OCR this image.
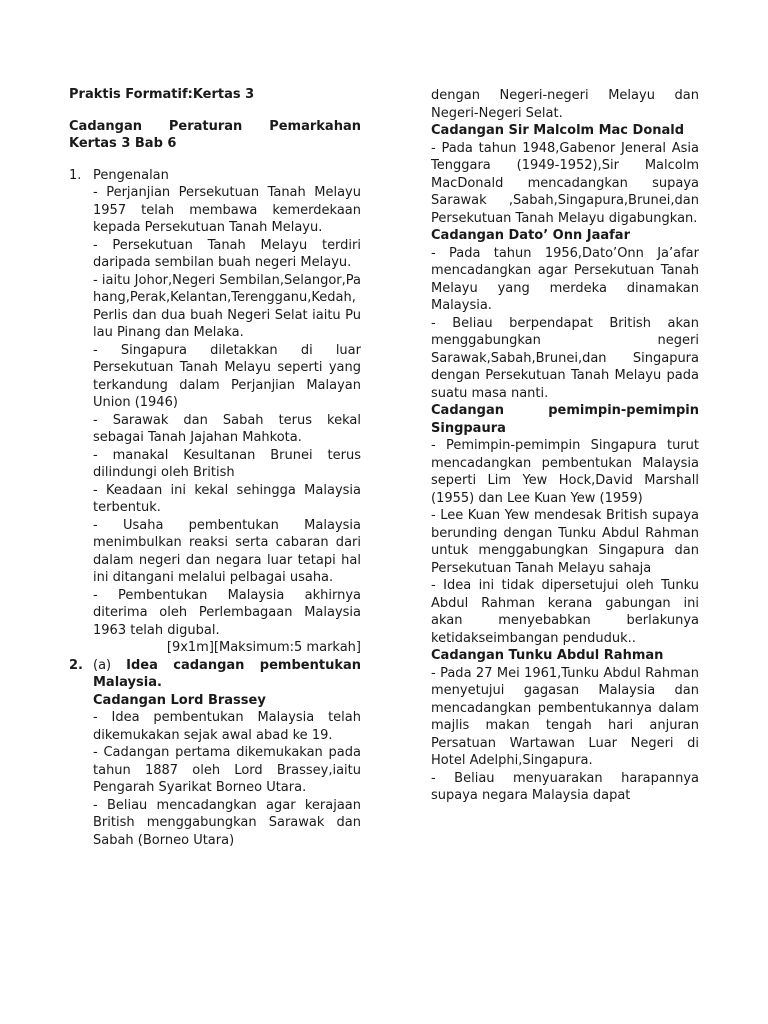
Praktis Formatif:Kertas 3
Cadangan Peraturan Pemarkahan Kertas 3 Bab 6
1. Pengenalan
- Perjanjian Persekutuan Tanah Melayu 1957 telah membawa kemerdekaan kepada Persekutuan Tanah Melayu.
- Persekutuan Tanah Melayu terdiri daripada sembilan buah negeri Melayu.
- iaitu Johor,Negeri Sembilan,Selangor,Pahang,Perak,Kelantan,Terengganu,Kedah,Perlis dan dua buah Negeri Selat iaitu Pulau Pinang dan Melaka.
- Singapura diletakkan di luar Persekutuan Tanah Melayu seperti yang terkandung dalam Perjanjian Malayan Union (1946)
- Sarawak dan Sabah terus kekal sebagai Tanah Jajahan Mahkota.
- manakal Kesultanan Brunei terus dilindungi oleh British
- Keadaan ini kekal sehingga Malaysia terbentuk.
- Usaha pembentukan Malaysia menimbulkan reaksi serta cabaran dari dalam negeri dan negara luar tetapi hal ini ditangani melalui pelbagai usaha.
- Pembentukan Malaysia akhirnya diterima oleh Perlembagaan Malaysia 1963 telah digubal.
[9x1m][Maksimum:5 markah]
2. (a) Idea cadangan pembentukan Malaysia.
Cadangan Lord Brassey
- Idea pembentukan Malaysia telah dikemukakan sejak awal abad ke 19.
- Cadangan pertama dikemukakan pada tahun 1887 oleh Lord Brassey,iaitu Pengarah Syarikat Borneo Utara.
- Beliau mencadangkan agar kerajaan British menggabungkan Sarawak dan Sabah (Borneo Utara)
dengan Negeri-negeri Melayu dan Negeri-Negeri Selat.
Cadangan Sir Malcolm Mac Donald
- Pada tahun 1948,Gabenor Jeneral Asia Tenggara (1949-1952),Sir Malcolm MacDonald mencadangkan supaya Sarawak ,Sabah,Singapura,Brunei,dan Persekutuan Tanah Melayu digabungkan.
Cadangan Dato’ Onn Jaafar
- Pada tahun 1956,Dato’Onn Ja’afar mencadangkan agar Persekutuan Tanah Melayu yang merdeka dinamakan Malaysia.
- Beliau berpendapat British akan menggabungkan negeri Sarawak,Sabah,Brunei,dan Singapura dengan Persekutuan Tanah Melayu pada suatu masa nanti.
Cadangan pemimpin-pemimpin Singpaura
- Pemimpin-pemimpin Singapura turut mencadangkan pembentukan Malaysia seperti Lim Yew Hock,David Marshall (1955) dan Lee Kuan Yew (1959)
- Lee Kuan Yew mendesak British supaya berunding dengan Tunku Abdul Rahman untuk menggabungkan Singapura dan Persekutuan Tanah Melayu sahaja
- Idea ini tidak dipersetujui oleh Tunku Abdul Rahman kerana gabungan ini akan menyebabkan berlakunya ketidakseimbangan penduduk..
Cadangan Tunku Abdul Rahman
- Pada 27 Mei 1961,Tunku Abdul Rahman menyetujui gagasan Malaysia dan mencadangkan pembentukannya dalam majlis makan tengah hari anjuran Persatuan Wartawan Luar Negeri di Hotel Adelphi,Singapura.
- Beliau menyuarakan harapannya supaya negara Malaysia dapat
